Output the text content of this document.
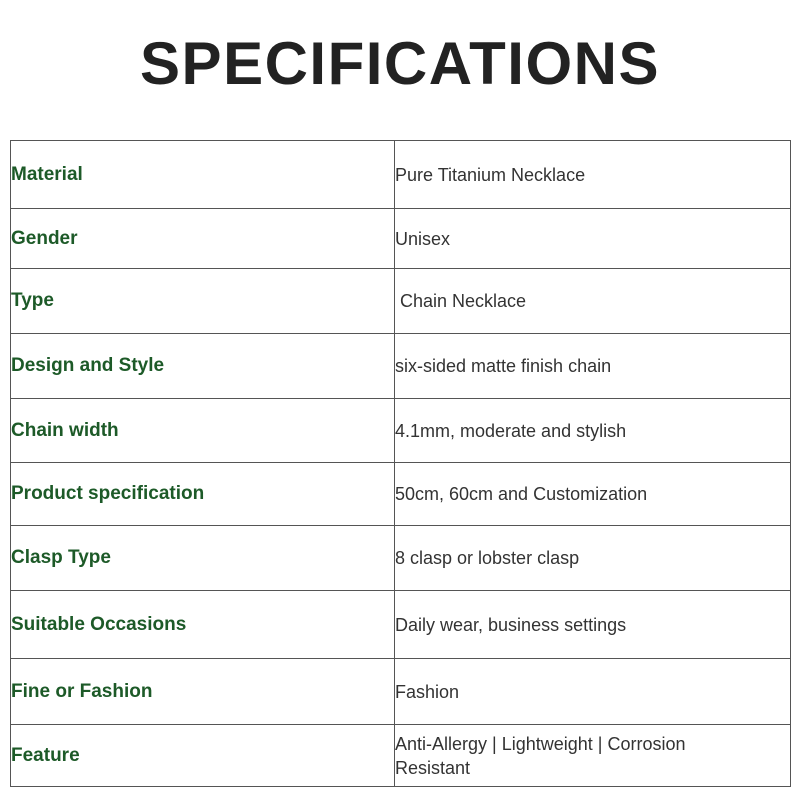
SPECIFICATIONS
Material	Pure Titanium Necklace
Gender	Unisex
Type	Chain Necklace
Design and Style	six-sided matte finish chain
Chain width	4.1mm, moderate and stylish
Product specification	50cm, 60cm and Customization
Clasp Type	8 clasp or lobster clasp
Suitable Occasions	Daily wear, business settings
Fine or Fashion	Fashion
Feature	Anti-Allergy | Lightweight | Corrosion Resistant
